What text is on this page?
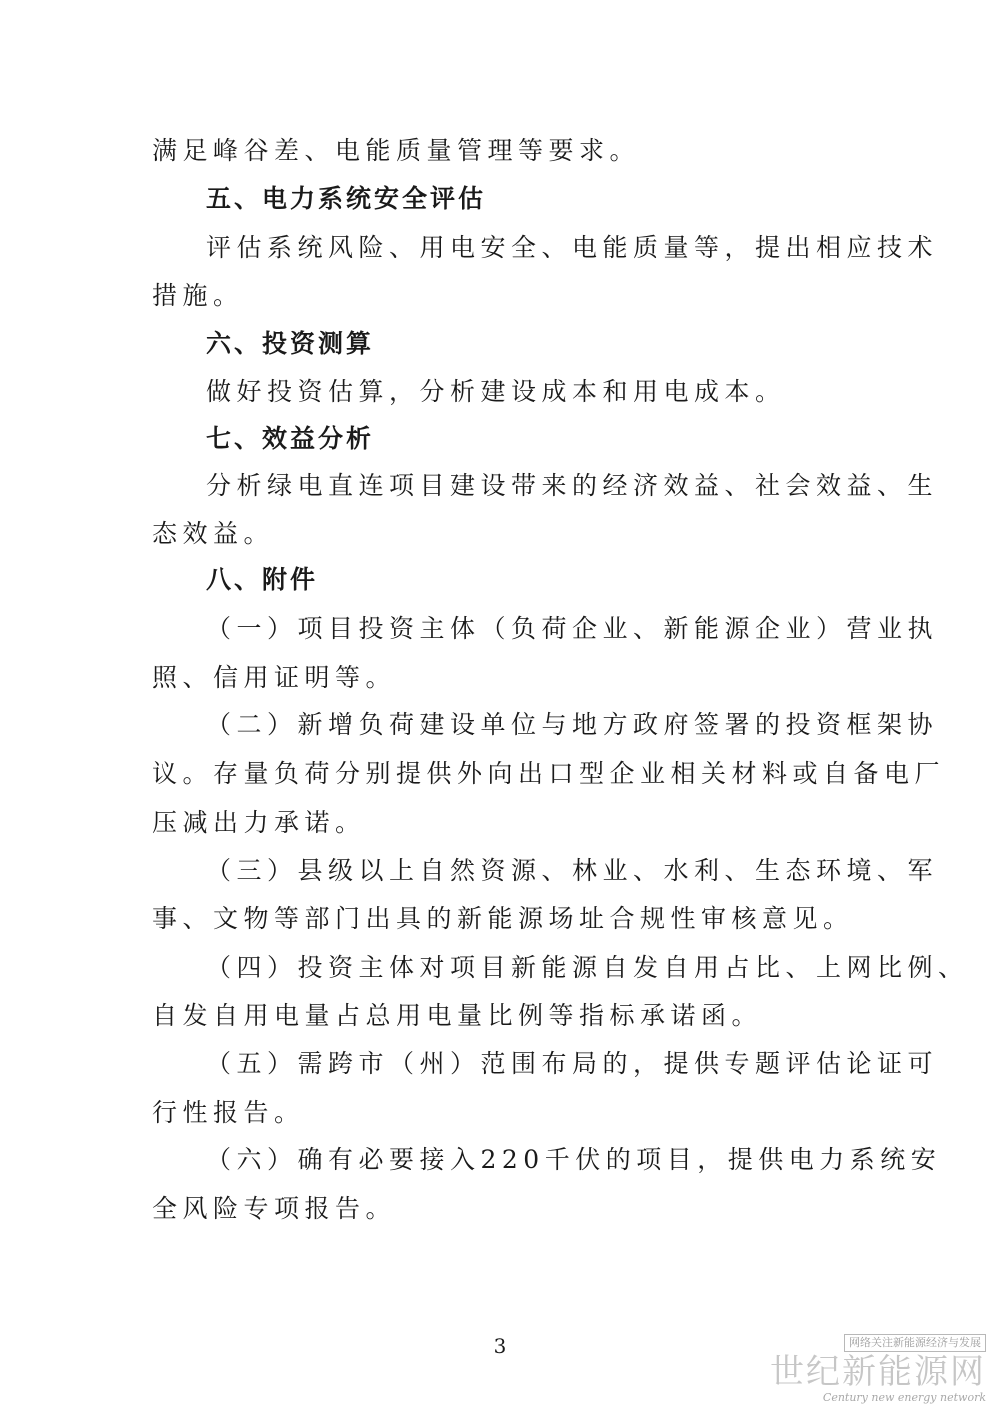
满足峰谷差、电能质量管理等要求。
五、电力系统安全评估
评估系统风险、用电安全、电能质量等，提出相应技术
措施。
六、投资测算
做好投资估算，分析建设成本和用电成本。
七、效益分析
分析绿电直连项目建设带来的经济效益、社会效益、生
态效益。
八、附件
（一）项目投资主体（负荷企业、新能源企业）营业执
照、信用证明等。
（二）新增负荷建设单位与地方政府签署的投资框架协
议。存量负荷分别提供外向出口型企业相关材料或自备电厂
压减出力承诺。
（三）县级以上自然资源、林业、水利、生态环境、军
事、文物等部门出具的新能源场址合规性审核意见。
（四）投资主体对项目新能源自发自用占比、上网比例、
自发自用电量占总用电量比例等指标承诺函。
（五）需跨市（州）范围布局的，提供专题评估论证可
行性报告。
（六）确有必要接入220千伏的项目，提供电力系统安
全风险专项报告。
3	网络关注新能源经济与发展
世纪新能源网
Century new energy network
